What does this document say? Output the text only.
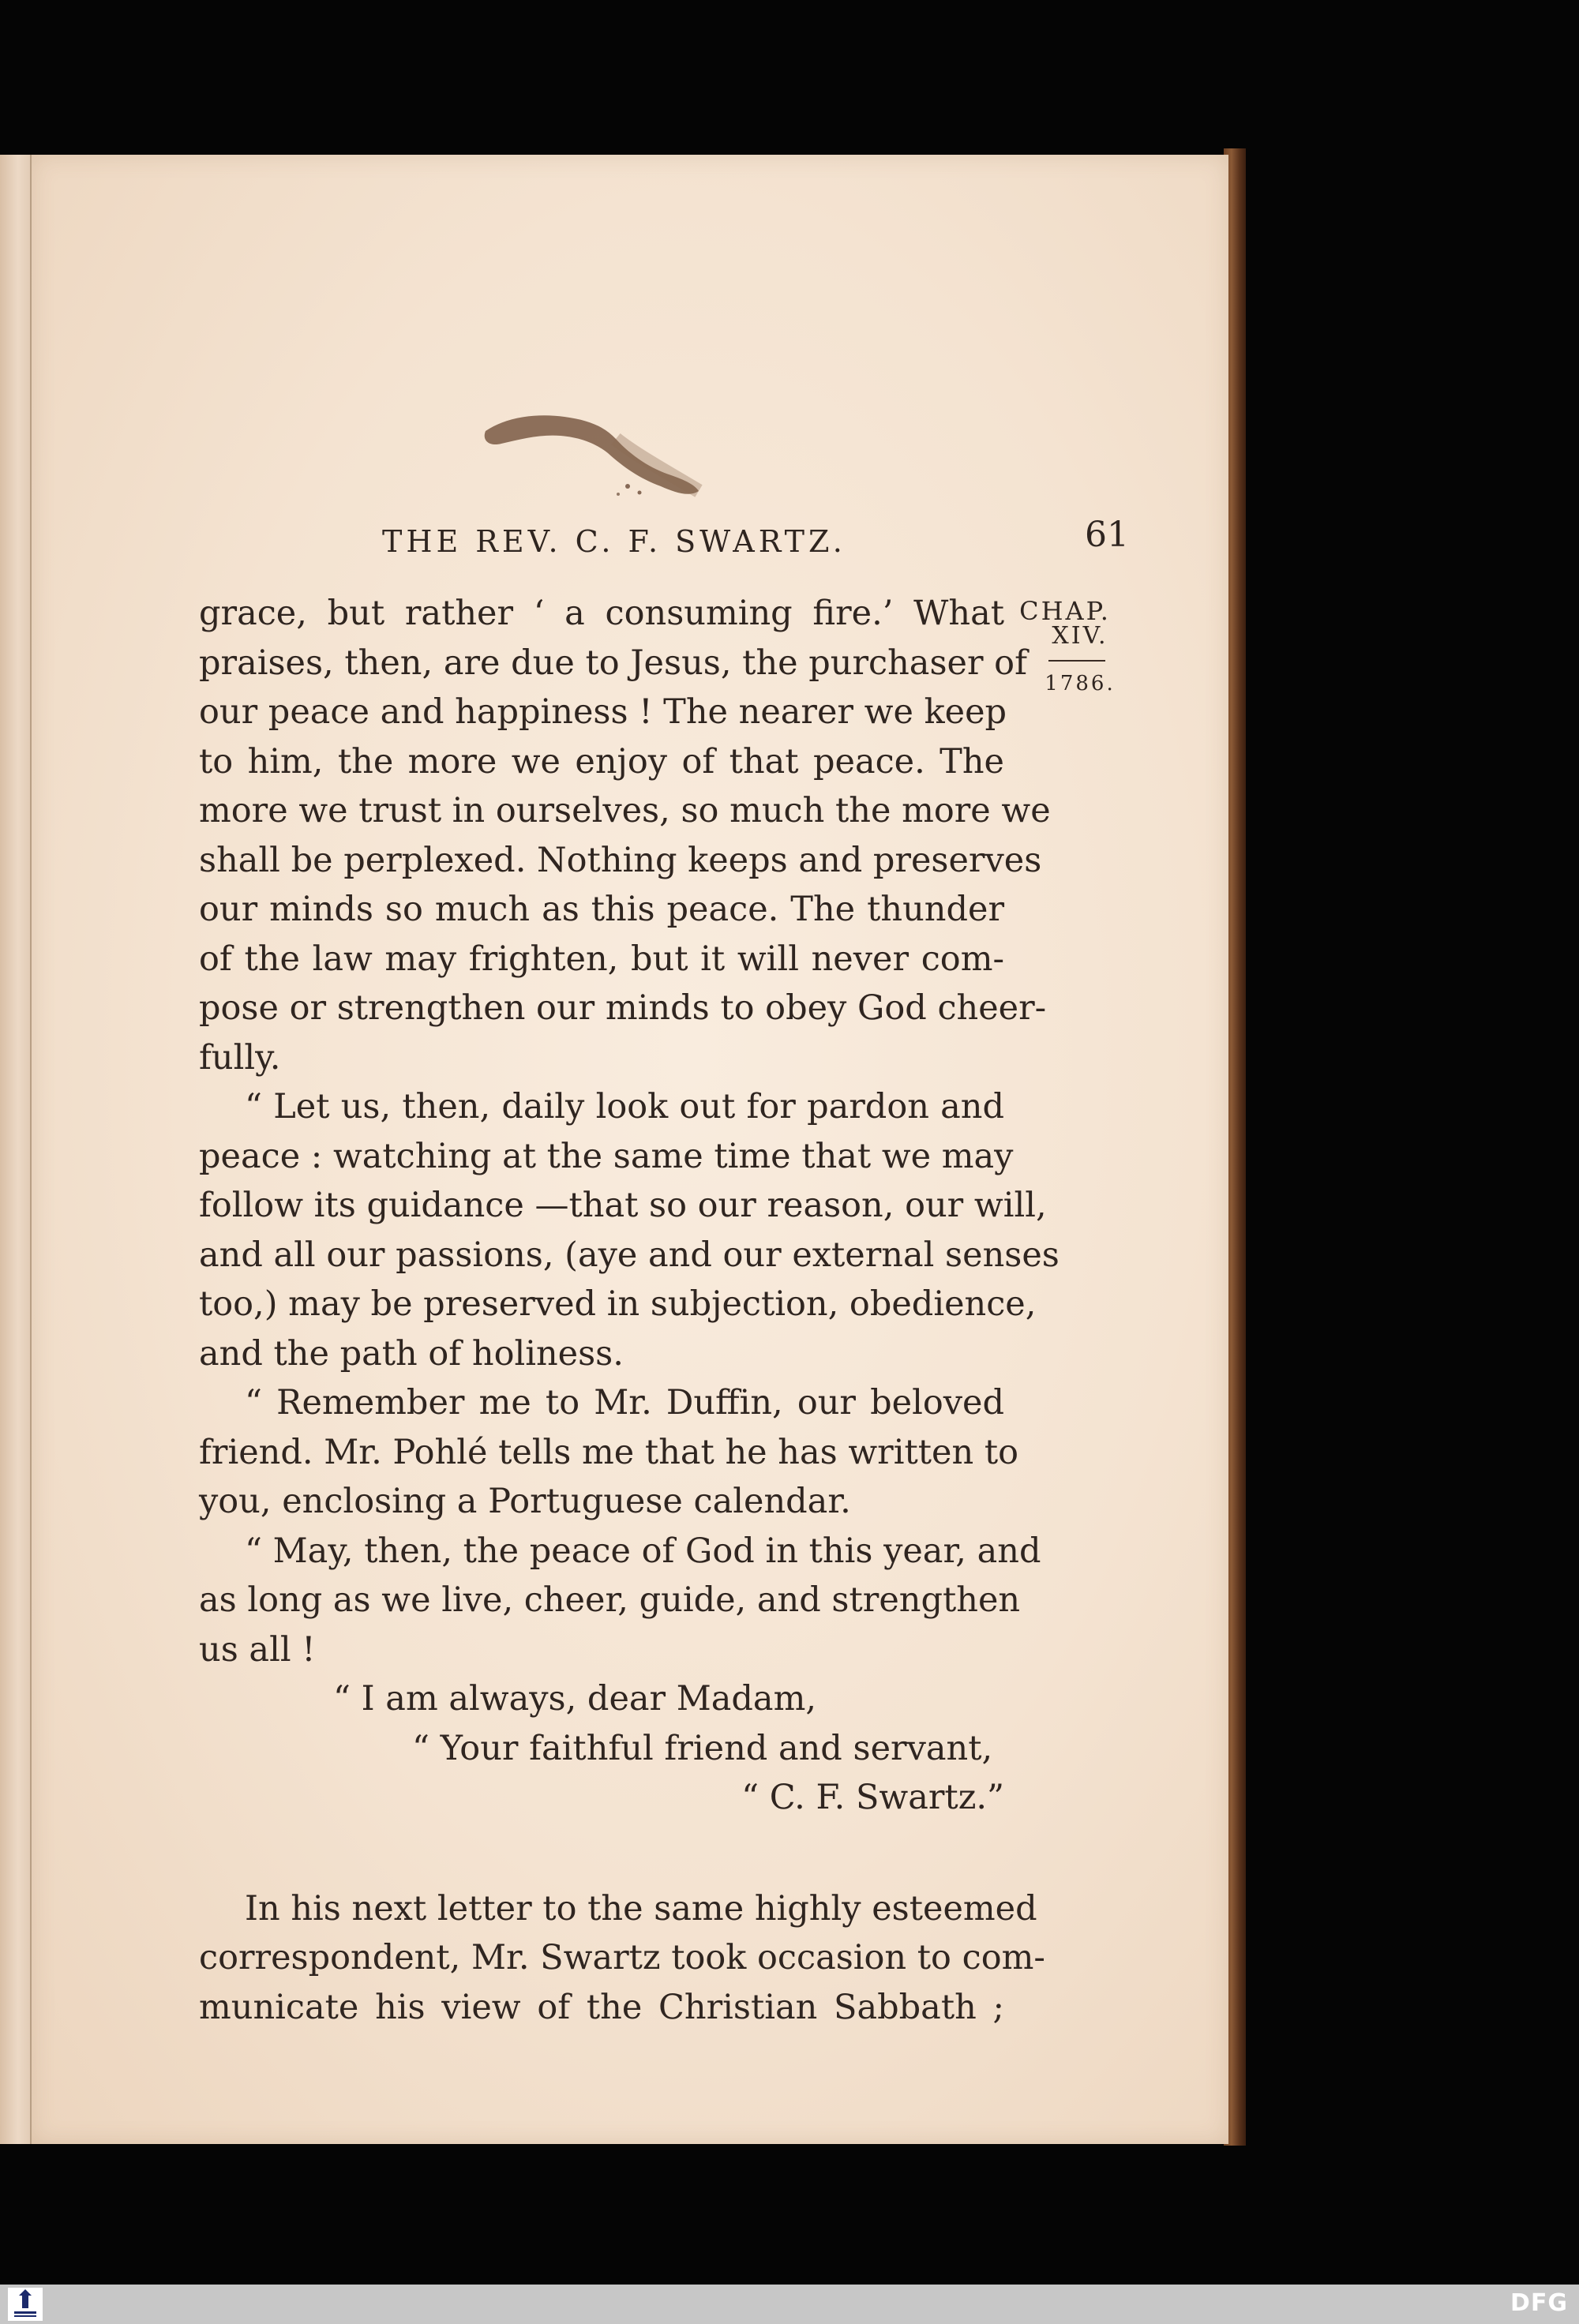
THE REV. C. F. SWARTZ.	61
CHAP.
XIV.
1786.
grace, but rather ‘ a consuming fire.’ What
praises, then, are due to Jesus, the purchaser of
our peace and happiness ! The nearer we keep
to him, the more we enjoy of that peace. The
more we trust in ourselves, so much the more we
shall be perplexed. Nothing keeps and preserves
our minds so much as this peace. The thunder
of the law may frighten, but it will never com-
pose or strengthen our minds to obey God cheer-
fully.
“ Let us, then, daily look out for pardon and
peace : watching at the same time that we may
follow its guidance —that so our reason, our will,
and all our passions, (aye and our external senses
too,) may be preserved in subjection, obedience,
and the path of holiness.
“ Remember me to Mr. Duffin, our beloved
friend. Mr. Pohlé tells me that he has written to
you, enclosing a Portuguese calendar.
“ May, then, the peace of God in this year, and
as long as we live, cheer, guide, and strengthen
us all !
“ I am always, dear Madam,
“ Your faithful friend and servant,
“ C. F. Swartz.”
In his next letter to the same highly esteemed
correspondent, Mr. Swartz took occasion to com-
municate his view of the Christian Sabbath ;
DFG
